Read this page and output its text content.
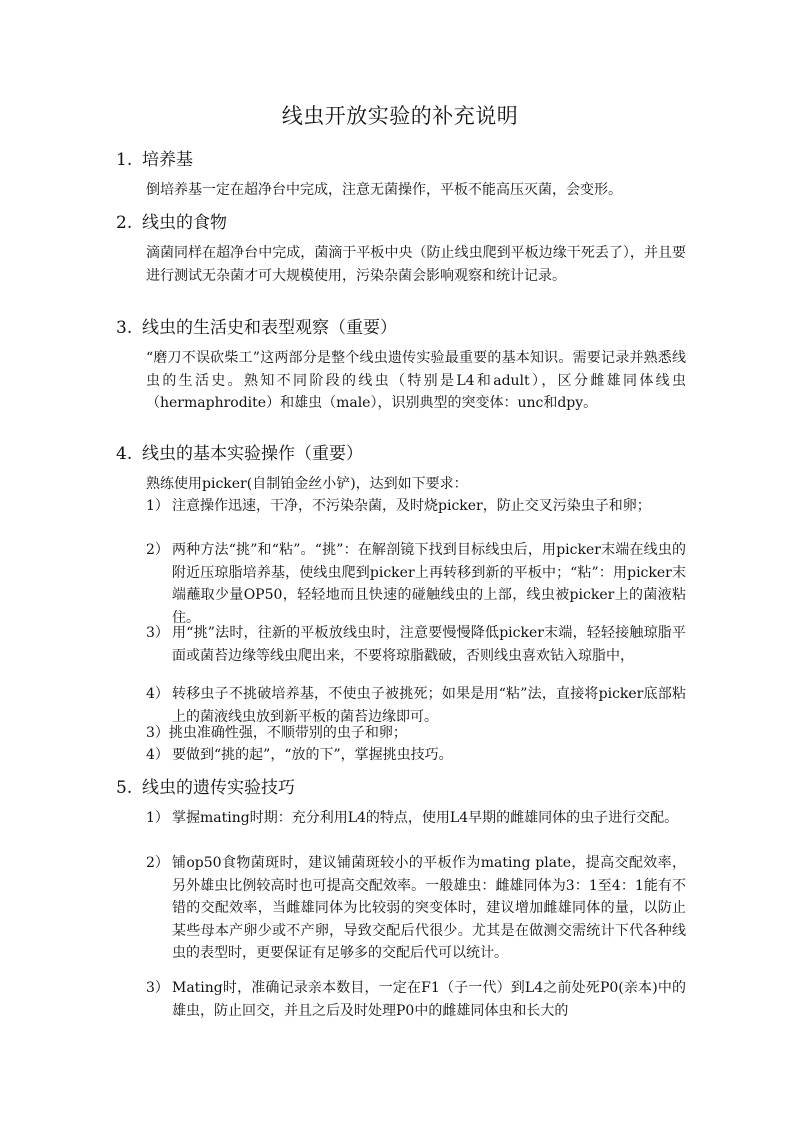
线虫开放实验的补充说明
1. 培养基
倒培养基一定在超净台中完成，注意无菌操作，平板不能高压灭菌，会变形。
2. 线虫的食物
滴菌同样在超净台中完成，菌滴于平板中央（防止线虫爬到平板边缘干死丢了），并且要进行测试无杂菌才可大规模使用，污染杂菌会影响观察和统计记录。
3. 线虫的生活史和表型观察（重要）
“磨刀不误砍柴工”这两部分是整个线虫遗传实验最重要的基本知识。需要记录并熟悉线虫的生活史。熟知不同阶段的线虫（特别是L4和adult），区分雌雄同体线虫（hermaphrodite）和雄虫（male），识别典型的突变体：unc和dpy。
4. 线虫的基本实验操作（重要）
熟练使用picker(自制铂金丝小铲)，达到如下要求：
1） 注意操作迅速，干净，不污染杂菌，及时烧picker，防止交叉污染虫子和卵；
2） 两种方法“挑”和“粘”。“挑”：在解剖镜下找到目标线虫后，用picker末端在线虫的附近压琼脂培养基，使线虫爬到picker上再转移到新的平板中；“粘”：用picker末端蘸取少量OP50，轻轻地而且快速的碰触线虫的上部，线虫被picker上的菌液粘住。
3） 用“挑”法时，往新的平板放线虫时，注意要慢慢降低picker末端，轻轻接触琼脂平面或菌苔边缘等线虫爬出来，不要将琼脂戳破，否则线虫喜欢钻入琼脂中，
4） 转移虫子不挑破培养基，不使虫子被挑死；如果是用“粘”法，直接将picker底部粘上的菌液线虫放到新平板的菌苔边缘即可。
3）挑虫准确性强，不顺带别的虫子和卵；
4） 要做到“挑的起”，“放的下”，掌握挑虫技巧。
5. 线虫的遗传实验技巧
1） 掌握mating时期：充分利用L4的特点，使用L4早期的雌雄同体的虫子进行交配。
2） 铺op50食物菌斑时，建议铺菌斑较小的平板作为mating plate，提高交配效率，另外雄虫比例较高时也可提高交配效率。一般雄虫：雌雄同体为3：1至4：1能有不错的交配效率，当雌雄同体为比较弱的突变体时，建议增加雌雄同体的量，以防止某些母本产卵少或不产卵，导致交配后代很少。尤其是在做测交需统计下代各种线虫的表型时，更要保证有足够多的交配后代可以统计。
3） Mating时，准确记录亲本数目，一定在F1（子一代）到L4之前处死P0(亲本)中的雄虫，防止回交，并且之后及时处理P0中的雌雄同体虫和长大的
